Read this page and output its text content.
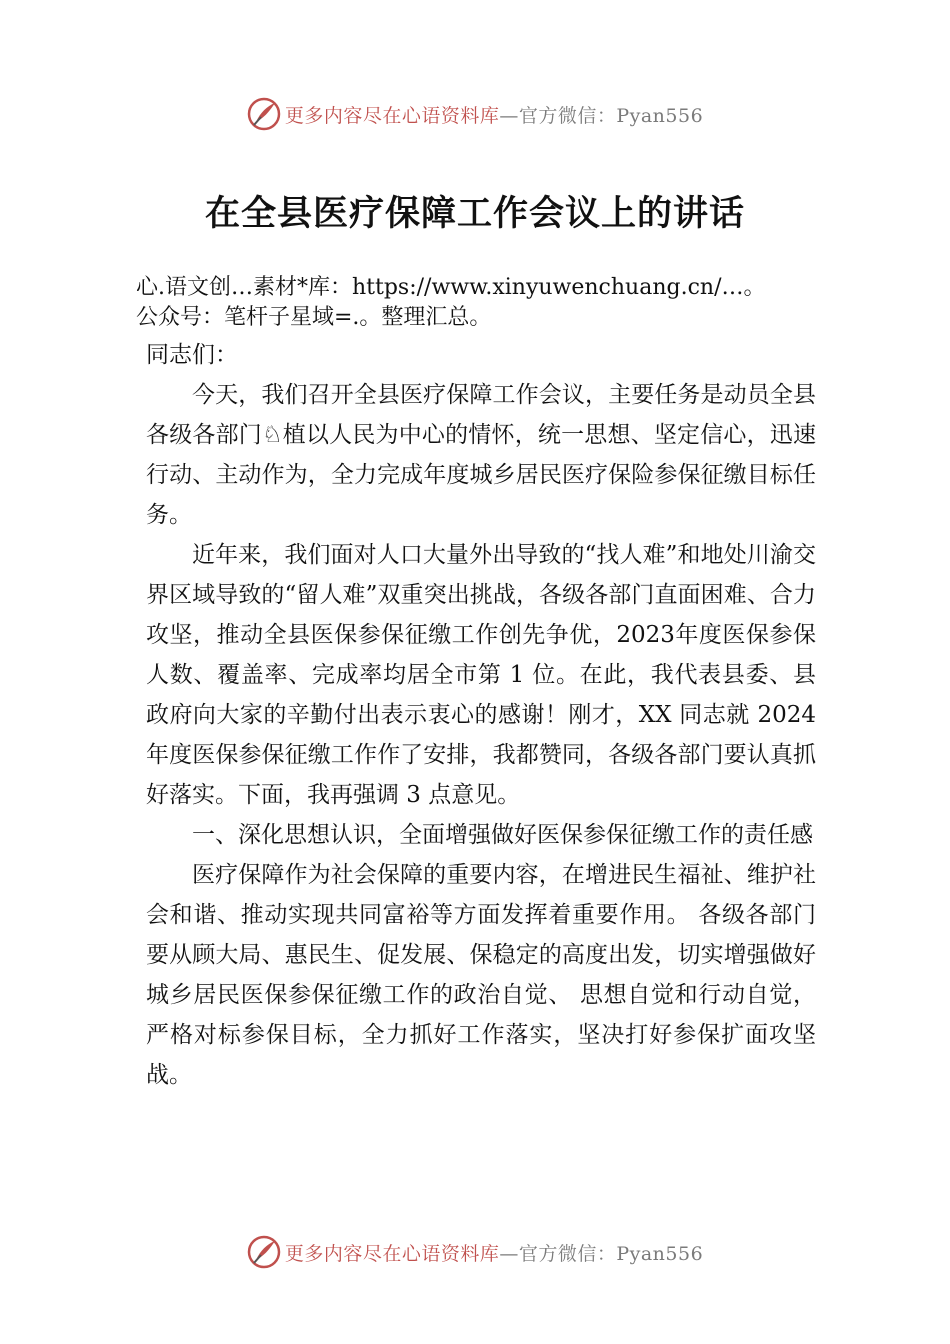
更多内容尽在心语资料库—官方微信：Pyan556
在全县医疗保障工作会议上的讲话
心.语文创…素材*库：https://www.xinyuwenchuang.cn/…。
公众号：笔杆子星域=.。整理汇总。

同志们：

今天，我们召开全县医疗保障工作会议，主要任务是动员全县各级各部门♘植以人民为中心的情怀，统一思想、坚定信心，迅速行动、主动作为，全力完成年度城乡居民医疗保险参保征缴目标任务。

近年来，我们面对人口大量外出导致的“找人难”和地处川渝交界区域导致的“留人难”双重突出挑战，各级各部门直面困难、合力攻坚，推动全县医保参保征缴工作创先争优，2023年度医保参保人数、覆盖率、完成率均居全市第 1 位。在此，我代表县委、县政府向大家的辛勤付出表示衷心的感谢！刚才，XX 同志就 2024 年度医保参保征缴工作作了安排，我都赞同，各级各部门要认真抓好落实。下面，我再强调 3 点意见。

一、深化思想认识，全面增强做好医保参保征缴工作的责任感

医疗保障作为社会保障的重要内容，在增进民生福祉、维护社会和谐、推动实现共同富裕等方面发挥着重要作用。 各级各部门要从顾大局、惠民生、促发展、保稳定的高度出发，切实增强做好城乡居民医保参保征缴工作的政治自觉、 思想自觉和行动自觉，严格对标参保目标，全力抓好工作落实，坚决打好参保扩面攻坚战。

更多内容尽在心语资料库—官方微信：Pyan556
